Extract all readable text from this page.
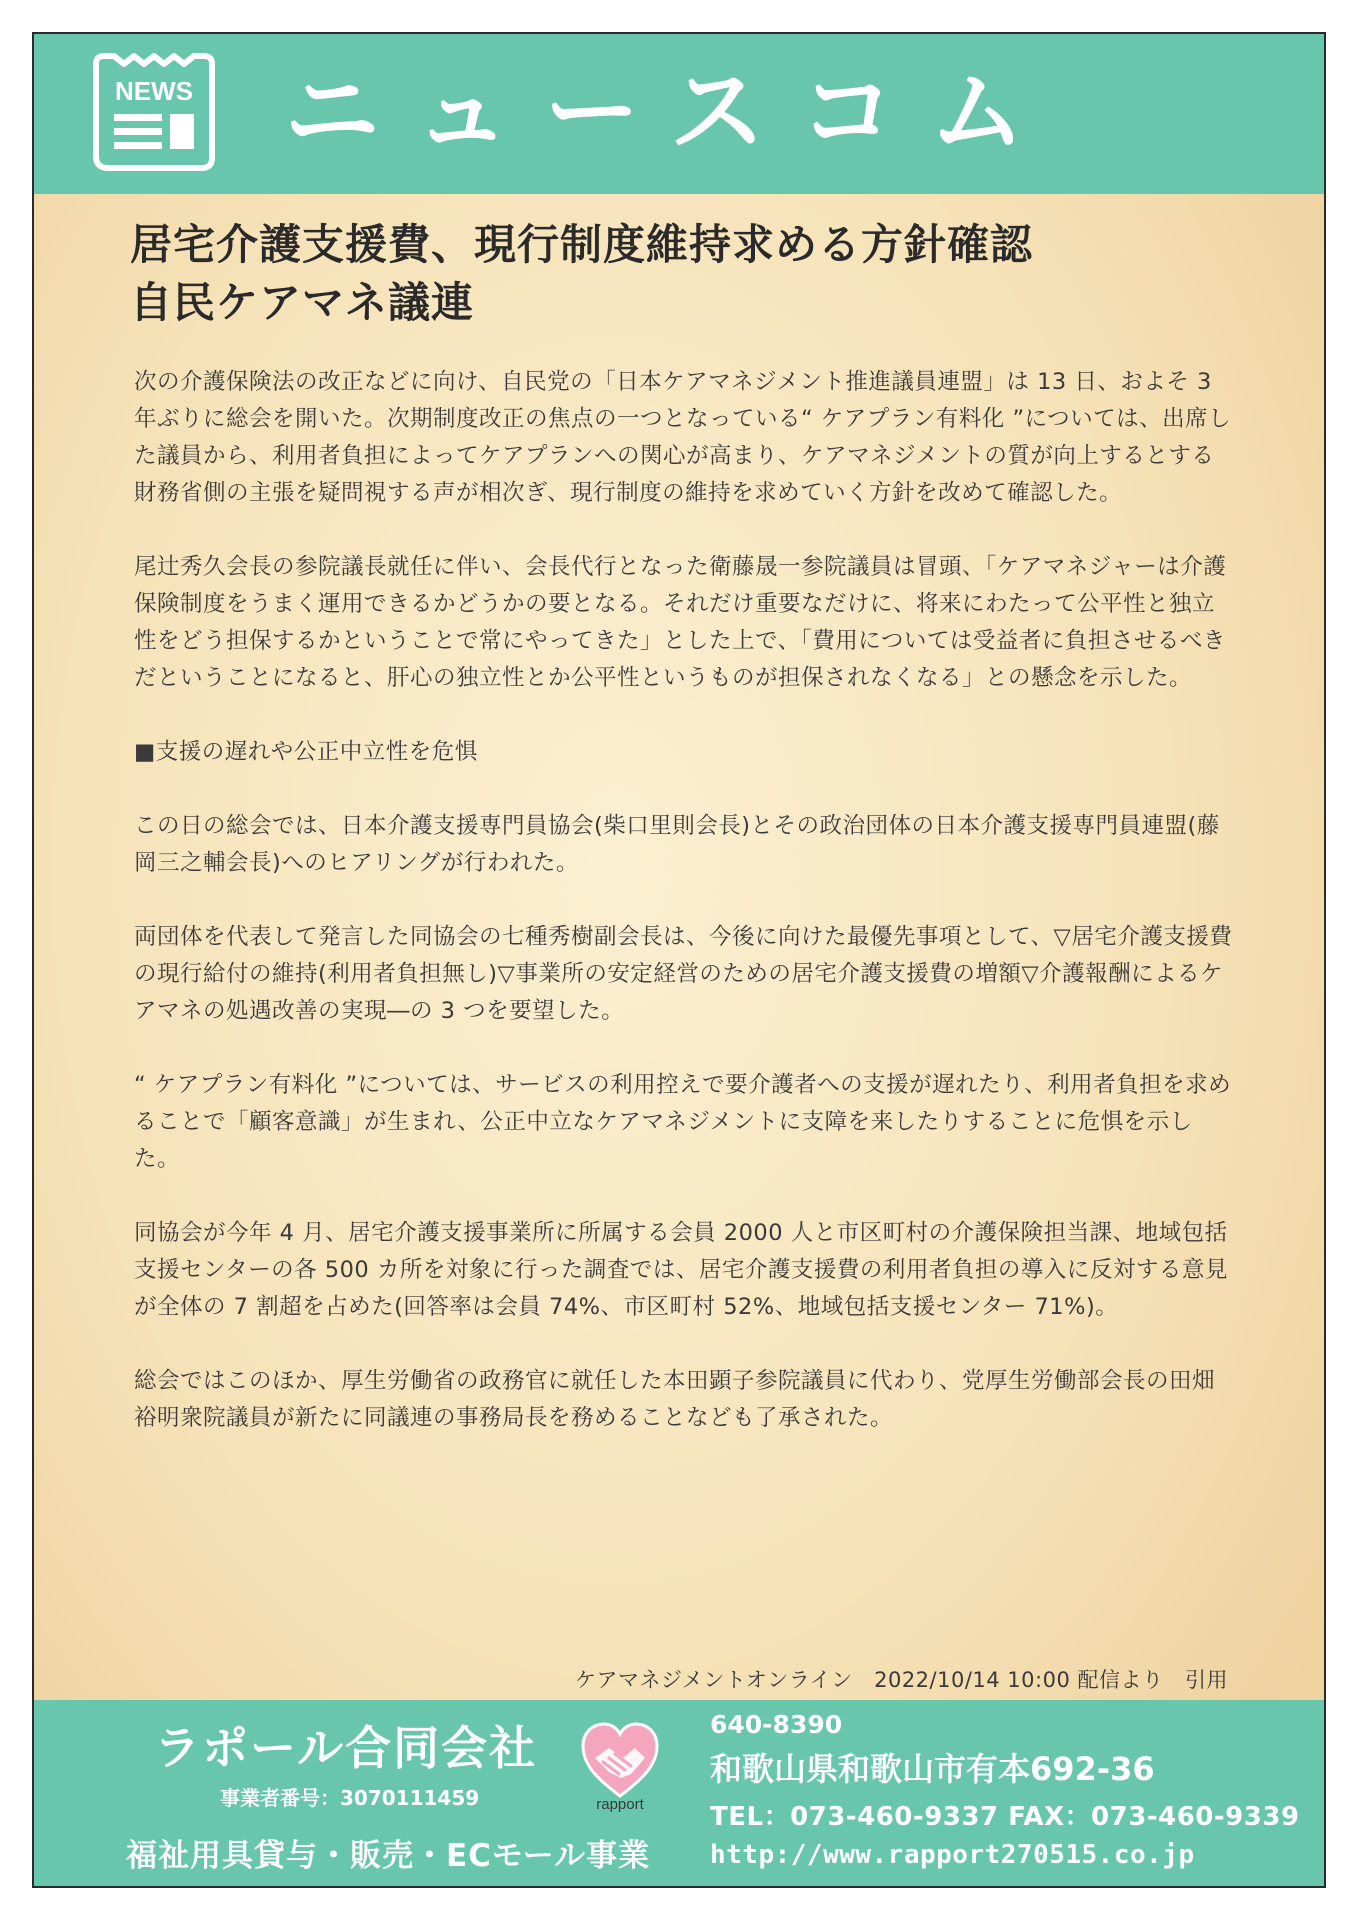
NEWS ニュースコム
居宅介護支援費、現行制度維持求める方針確認
自民ケアマネ議連

次の介護保険法の改正などに向け、自民党の「日本ケアマネジメント推進議員連盟」は 13 日、およそ 3 年ぶりに総会を開いた。次期制度改正の焦点の一つとなっている“ ケアプラン有料化 ”については、出席した議員から、利用者負担によってケアプランへの関心が高まり、ケアマネジメントの質が向上するとする財務省側の主張を疑問視する声が相次ぎ、現行制度の維持を求めていく方針を改めて確認した。

尾辻秀久会長の参院議長就任に伴い、会長代行となった衛藤晟一参院議員は冒頭、「ケアマネジャーは介護保険制度をうまく運用できるかどうかの要となる。それだけ重要なだけに、将来にわたって公平性と独立性をどう担保するかということで常にやってきた」とした上で、「費用については受益者に負担させるべきだということになると、肝心の独立性とか公平性というものが担保されなくなる」との懸念を示した。

■支援の遅れや公正中立性を危惧

この日の総会では、日本介護支援専門員協会(柴口里則会長)とその政治団体の日本介護支援専門員連盟(藤岡三之輔会長)へのヒアリングが行われた。

両団体を代表して発言した同協会の七種秀樹副会長は、今後に向けた最優先事項として、▽居宅介護支援費の現行給付の維持(利用者負担無し)▽事業所の安定経営のための居宅介護支援費の増額▽介護報酬によるケアマネの処遇改善の実現―の 3 つを要望した。

“ ケアプラン有料化 ”については、サービスの利用控えで要介護者への支援が遅れたり、利用者負担を求めることで「顧客意識」が生まれ、公正中立なケアマネジメントに支障を来したりすることに危惧を示した。

同協会が今年 4 月、居宅介護支援事業所に所属する会員 2000 人と市区町村の介護保険担当課、地域包括支援センターの各 500 カ所を対象に行った調査では、居宅介護支援費の利用者負担の導入に反対する意見が全体の 7 割超を占めた(回答率は会員 74%、市区町村 52%、地域包括支援センター 71%)。

総会ではこのほか、厚生労働省の政務官に就任した本田顕子参院議員に代わり、党厚生労働部会長の田畑裕明衆院議員が新たに同議連の事務局長を務めることなども了承された。

ケアマネジメントオンライン　2022/10/14 10:00 配信より　引用
ラポール合同会社
事業者番号：3070111459
福祉用具貸与・販売・ECモール事業
rapport
640-8390
和歌山県和歌山市有本692-36
TEL：073-460-9337 FAX：073-460-9339
http://www.rapport270515.co.jp
